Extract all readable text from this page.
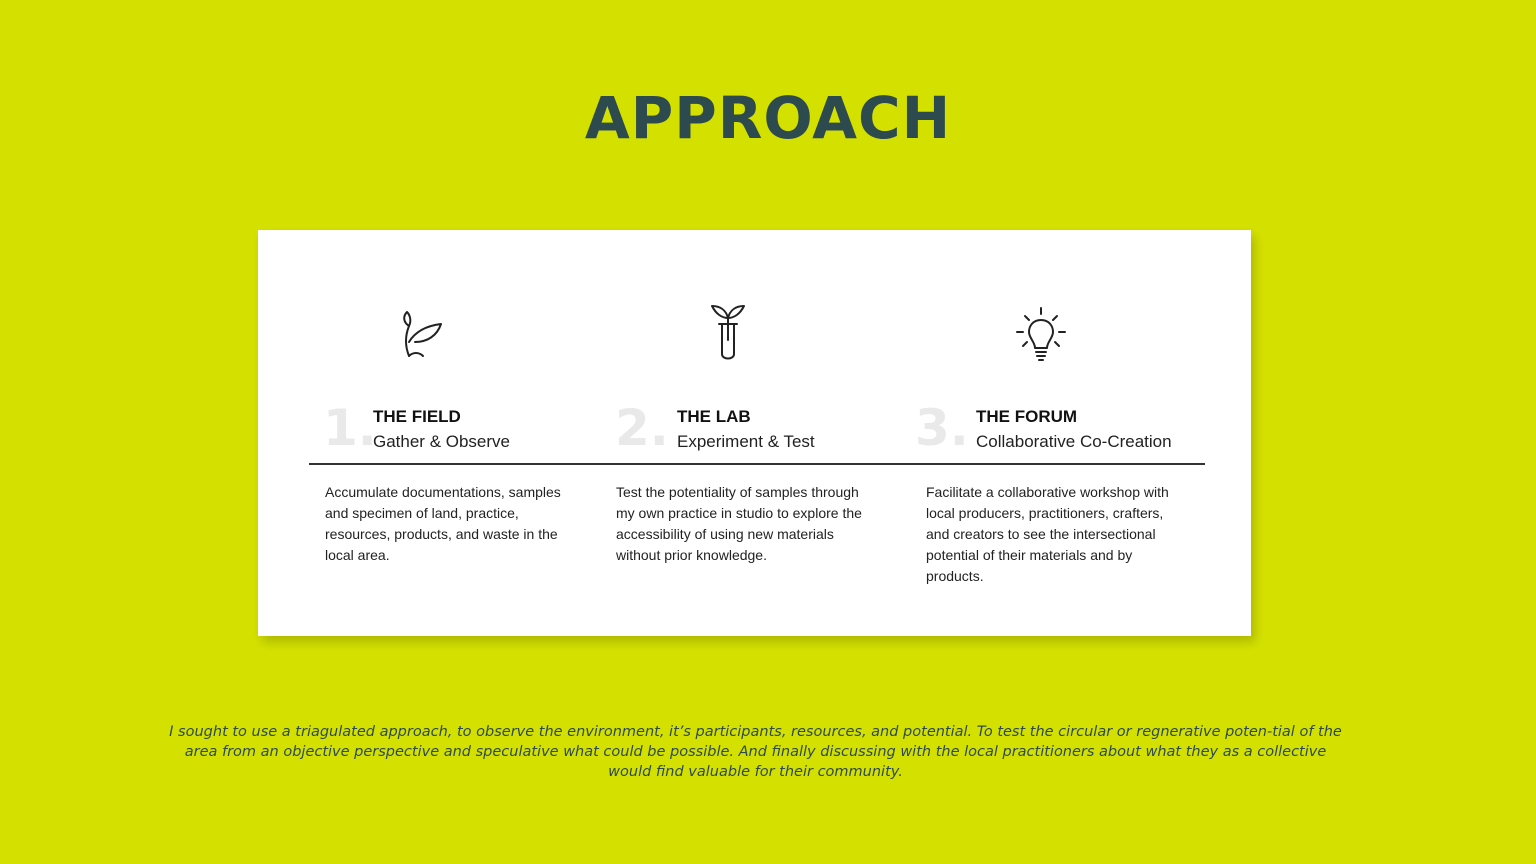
APPROACH
1.
THE FIELD
Gather & Observe
Accumulate documentations, samples and specimen of land, practice, resources, products, and waste in the local area.
2. THE LAB
Experiment & Test
Test the potentiality of samples through my own practice in studio to explore the accessibility of using new materials without prior knowledge.
3. THE FORUM
Collaborative Co-Creation
Facilitate a collaborative workshop with local producers, practitioners, crafters, and creators to see the intersectional potential of their materials and by products.

I sought to use a triagulated approach, to observe the environment, it’s participants, resources, and potential. To test the circular or regnerative poten-tial of the area from an objective perspective and speculative what could be possible. And finally discussing with the local practitioners about what they as a collective would find valuable for their community.
